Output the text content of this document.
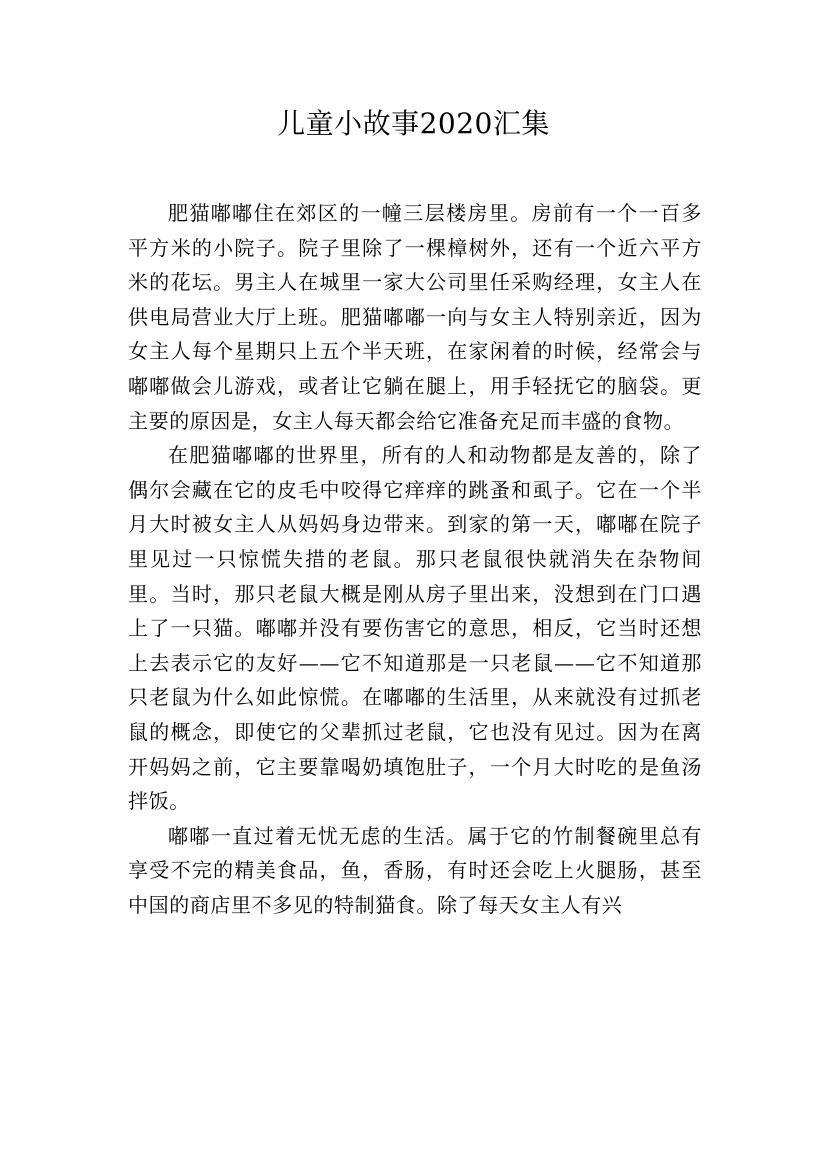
儿童小故事2020汇集

肥猫嘟嘟住在郊区的一幢三层楼房里。房前有一个一百多平方米的小院子。院子里除了一棵樟树外，还有一个近六平方米的花坛。男主人在城里一家大公司里任采购经理，女主人在供电局营业大厅上班。肥猫嘟嘟一向与女主人特别亲近，因为女主人每个星期只上五个半天班，在家闲着的时候，经常会与嘟嘟做会儿游戏，或者让它躺在腿上，用手轻抚它的脑袋。更主要的原因是，女主人每天都会给它准备充足而丰盛的食物。

在肥猫嘟嘟的世界里，所有的人和动物都是友善的，除了偶尔会藏在它的皮毛中咬得它痒痒的跳蚤和虱子。它在一个半月大时被女主人从妈妈身边带来。到家的第一天，嘟嘟在院子里见过一只惊慌失措的老鼠。那只老鼠很快就消失在杂物间里。当时，那只老鼠大概是刚从房子里出来，没想到在门口遇上了一只猫。嘟嘟并没有要伤害它的意思，相反，它当时还想上去表示它的友好——它不知道那是一只老鼠——它不知道那只老鼠为什么如此惊慌。在嘟嘟的生活里，从来就没有过抓老鼠的概念，即使它的父辈抓过老鼠，它也没有见过。因为在离开妈妈之前，它主要靠喝奶填饱肚子，一个月大时吃的是鱼汤拌饭。

嘟嘟一直过着无忧无虑的生活。属于它的竹制餐碗里总有享受不完的精美食品，鱼，香肠，有时还会吃上火腿肠，甚至中国的商店里不多见的特制猫食。除了每天女主人有兴
